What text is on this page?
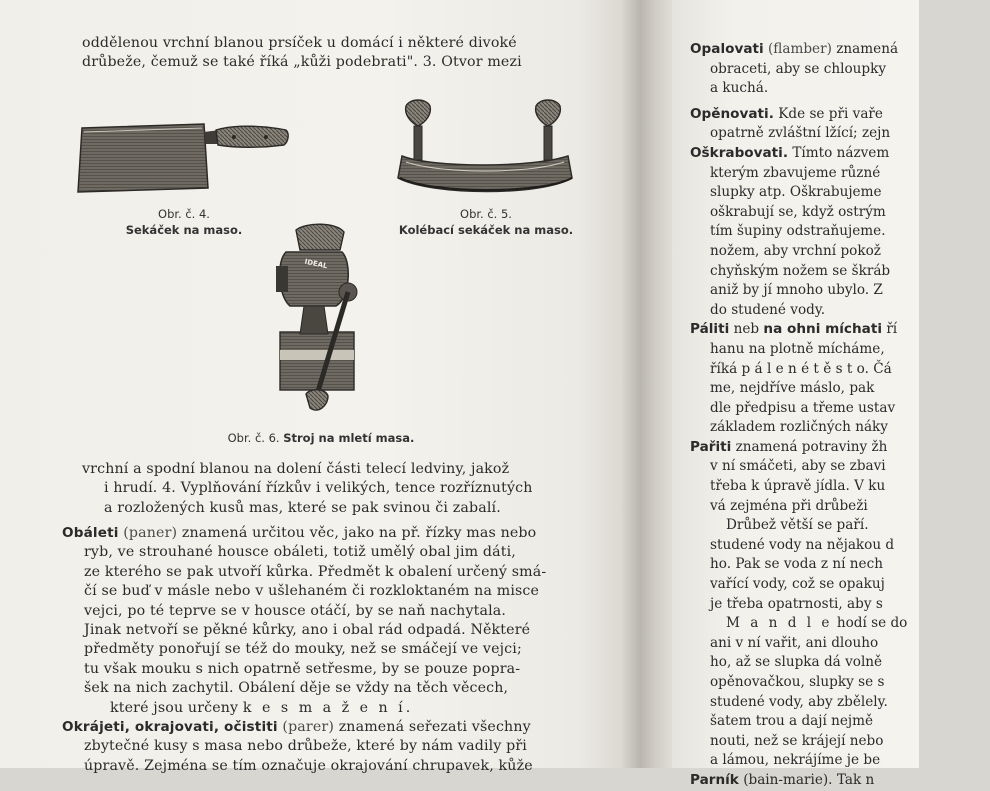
oddělenou vrchní blanou prsíček u domácí i některé divoké

drůbeže, čemuž se také říká „kůži podebrati". 3. Otvor mezi

Obr. č. 4.
Sekáček na maso.
Obr. č. 5.
Kolébací sekáček na maso.
IDEAL
Obr. č. 6. Stroj na mletí masa.

vrchní a spodní blanou na dolení části telecí ledviny, jakož

i hrudí. 4. Vyplňování řízkův i velikých, tence rozříznutých

a rozložených kusů mas, které se pak svinou či zabalí.

Obáleti (paner) znamená určitou věc, jako na př. řízky mas nebo

ryb, ve strouhané housce obáleti, totiž umělý obal jim dáti,

ze kterého se pak utvoří kůrka. Předmět k obalení určený smá-

čí se buď v másle nebo v ušlehaném či rozkloktaném na misce

vejci, po té teprve se v housce otáčí, by se naň nachytala.

Jinak netvoří se pěkné kůrky, ano i obal rád odpadá. Některé

předměty ponořují se též do mouky, než se smáčejí ve vejci;

tu však mouku s nich opatrně setřesme, by se pouze popra-

šek na nich zachytil. Obálení děje se vždy na těch věcech,

které jsou určeny k e s m a ž e n í.

Okrájeti, okrajovati, očistiti (parer) znamená seřezati všechny

zbytečné kusy s masa nebo drůbeže, které by nám vadily při

úpravě. Zejména se tím označuje okrajování chrupavek, kůže

Opalovati (flamber) znamená

obraceti, aby se chloupky

a kuchá.

Opěnovati. Kde se při vaře

opatrně zvláštní lžící; zejn

Oškrabovati. Tímto názvem

kterým zbavujeme různé

slupky atp. Oškrabujeme

oškrabují se, když ostrým

tím šupiny odstraňujeme.

nožem, aby vrchní pokož

chyňským nožem se škráb

aniž by jí mnoho ubylo. Z

do studené vody.

Páliti neb na ohni míchati ří

hanu na plotně mícháme,

říká p á l e n é t ě s t o. Čá

me, nejdříve máslo, pak

dle předpisu a třeme ustav

základem rozličných náky

Pařiti znamená potraviny žh

v ní smáčeti, aby se zbavi

třeba k úpravě jídla. V ku

vá zejména při drůbeži

Drůbež větší se paří.

studené vody na nějakou d

ho. Pak se voda z ní nech

vařící vody, což se opakuj

je třeba opatrnosti, aby s

M a n d l e hodí se do

ani v ní vařit, ani dlouho

ho, až se slupka dá volně

opěnovačkou, slupky se s

studené vody, aby zbělely.

šatem trou a dají nejmě

nouti, než se krájejí nebo

a lámou, nekrájíme je be

Parník (bain-marie). Tak n
